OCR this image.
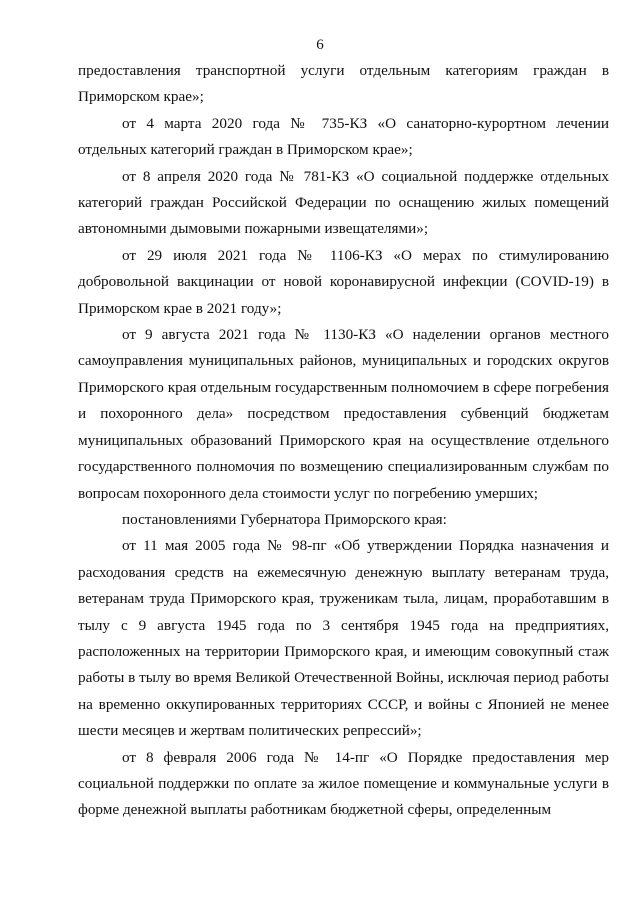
6

предоставления транспортной услуги отдельным категориям граждан в Приморском крае»;

от 4 марта 2020 года № 735-КЗ «О санаторно-курортном лечении отдельных категорий граждан в Приморском крае»;

от 8 апреля 2020 года № 781-КЗ «О социальной поддержке отдельных категорий граждан Российской Федерации по оснащению жилых помещений автономными дымовыми пожарными извещателями»;

от 29 июля 2021 года № 1106-КЗ «О мерах по стимулированию добровольной вакцинации от новой коронавирусной инфекции (COVID-19) в Приморском крае в 2021 году»;

от 9 августа 2021 года № 1130-КЗ «О наделении органов местного самоуправления муниципальных районов, муниципальных и городских округов Приморского края отдельным государственным полномочием в сфере погребения и похоронного дела» посредством предоставления субвенций бюджетам муниципальных образований Приморского края на осуществление отдельного государственного полномочия по возмещению специализированным службам по вопросам похоронного дела стоимости услуг по погребению умерших;

постановлениями Губернатора Приморского края:

от 11 мая 2005 года № 98-пг «Об утверждении Порядка назначения и расходования средств на ежемесячную денежную выплату ветеранам труда, ветеранам труда Приморского края, труженикам тыла, лицам, проработавшим в тылу с 9 августа 1945 года по 3 сентября 1945 года на предприятиях, расположенных на территории Приморского края, и имеющим совокупный стаж работы в тылу во время Великой Отечественной Войны, исключая период работы на временно оккупированных территориях СССР, и войны с Японией не менее шести месяцев и жертвам политических репрессий»;

от 8 февраля 2006 года № 14-пг «О Порядке предоставления мер социальной поддержки по оплате за жилое помещение и коммунальные услуги в форме денежной выплаты работникам бюджетной сферы, определенным
